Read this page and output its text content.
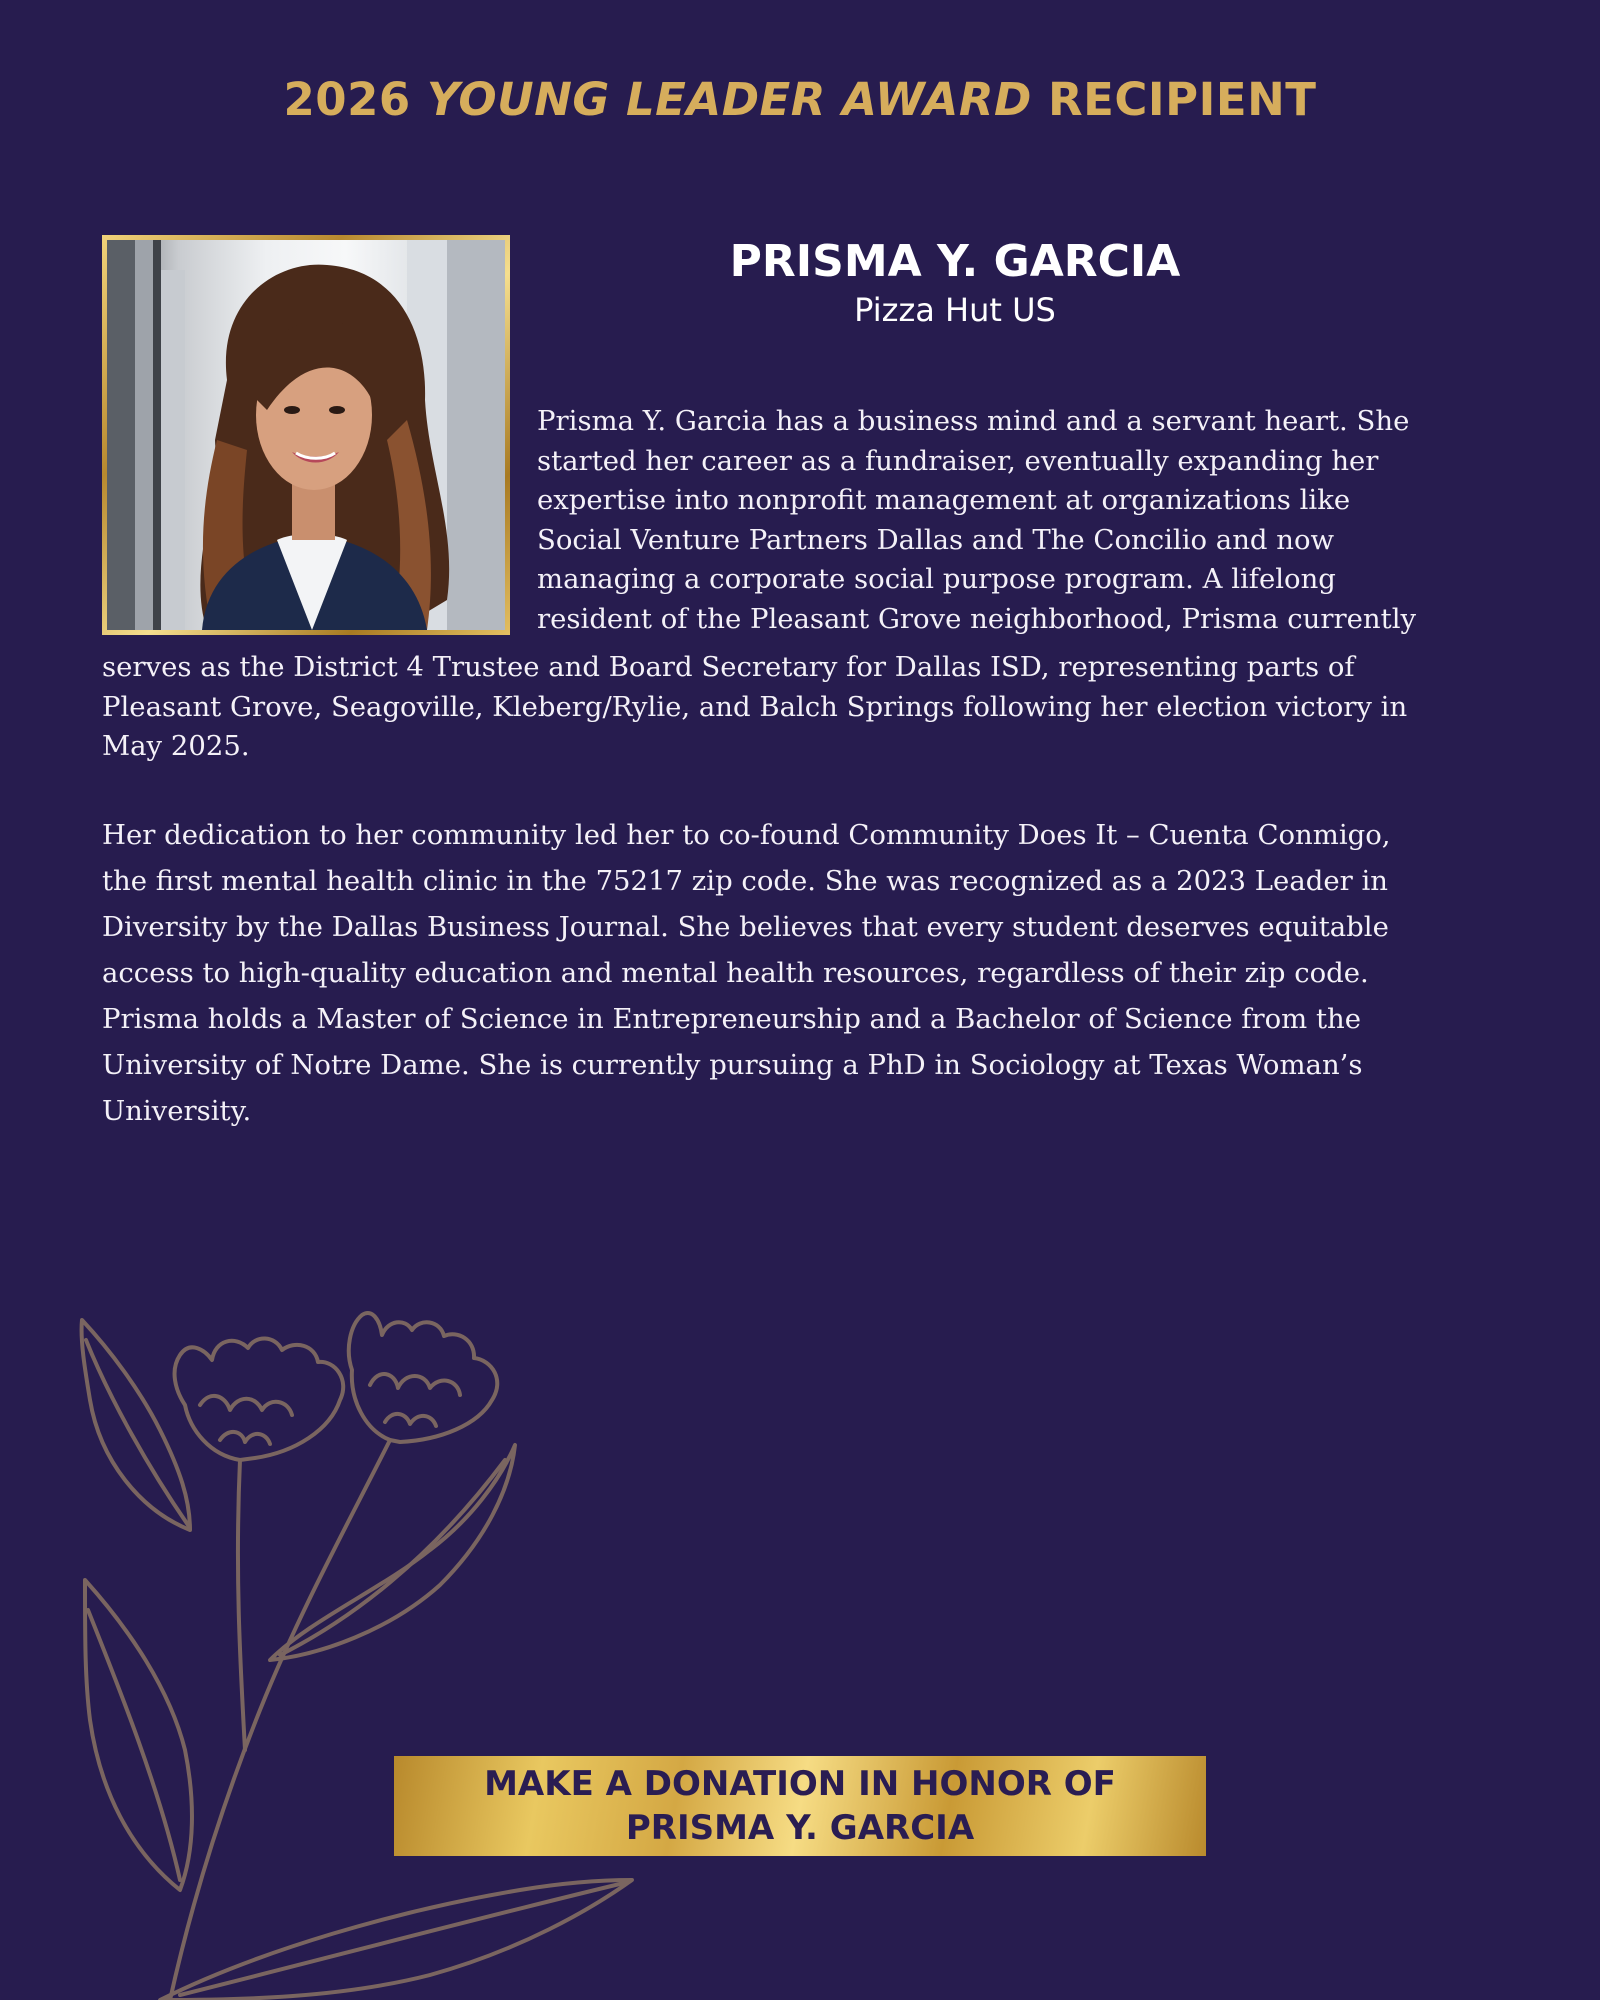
2026 YOUNG LEADER AWARD RECIPIENT
PRISMA Y. GARCIA
Pizza Hut US
Prisma Y. Garcia has a business mind and a servant heart. She
started her career as a fundraiser, eventually expanding her
expertise into nonprofit management at organizations like
Social Venture Partners Dallas and The Concilio and now
managing a corporate social purpose program. A lifelong
resident of the Pleasant Grove neighborhood, Prisma currently
serves as the District 4 Trustee and Board Secretary for Dallas ISD, representing parts of
Pleasant Grove, Seagoville, Kleberg/Rylie, and Balch Springs following her election victory in
May 2025.
Her dedication to her community led her to co-found Community Does It – Cuenta Conmigo,
the first mental health clinic in the 75217 zip code. She was recognized as a 2023 Leader in
Diversity by the Dallas Business Journal. She believes that every student deserves equitable
access to high-quality education and mental health resources, regardless of their zip code.
Prisma holds a Master of Science in Entrepreneurship and a Bachelor of Science from the
University of Notre Dame. She is currently pursuing a PhD in Sociology at Texas Woman’s
University.
MAKE A DONATION IN HONOR OF
PRISMA Y. GARCIA
